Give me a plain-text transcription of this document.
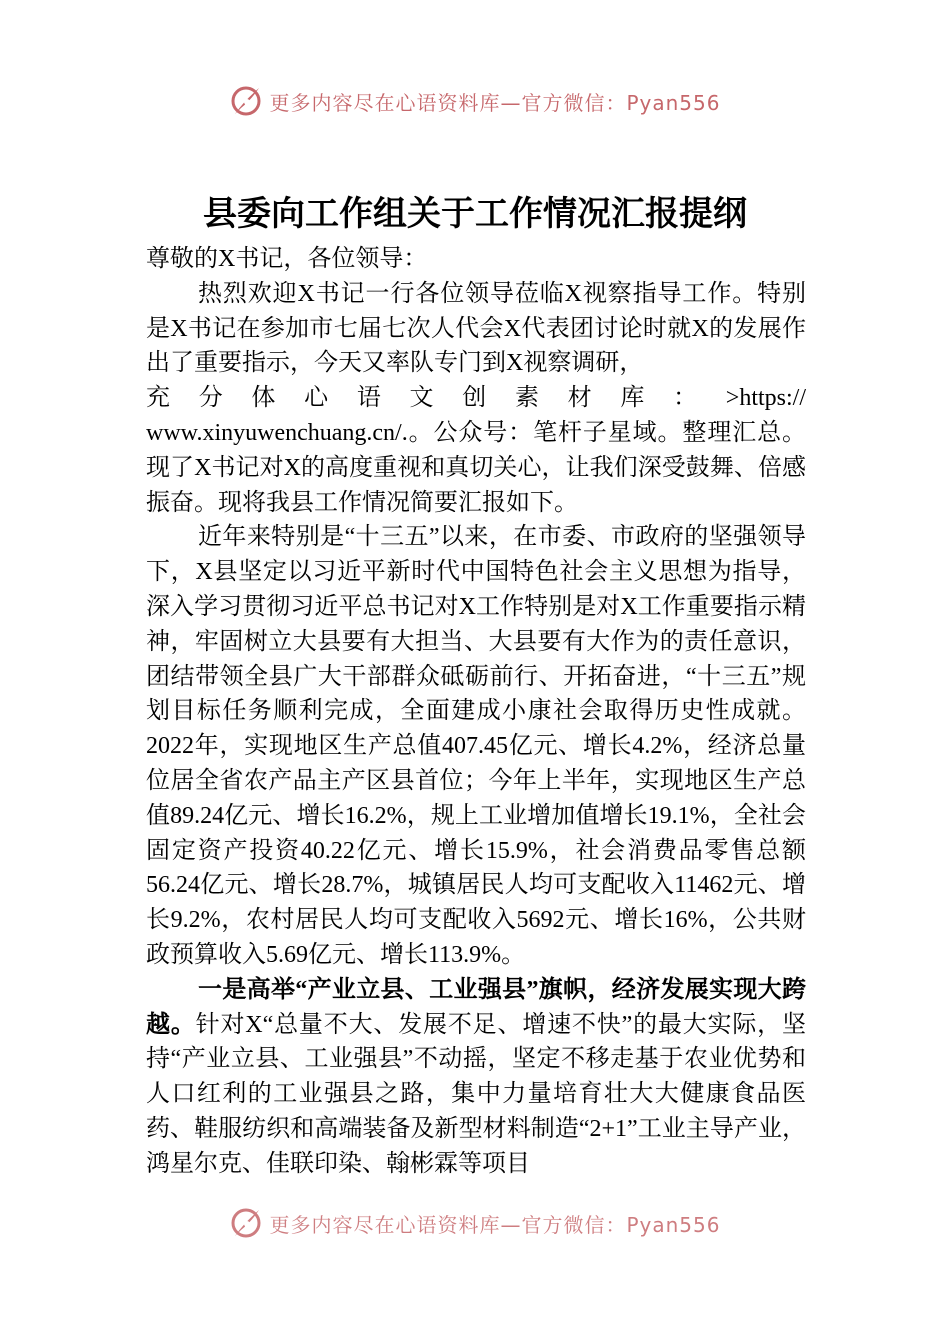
更多内容尽在心语资料库—官方微信：Pyan556
县委向工作组关于工作情况汇报提纲

尊敬的X书记，各位领导：

热烈欢迎X书记一行各位领导莅临X视察指导工作。特别是X书记在参加市七届七次人代会X代表团讨论时就X的发展作出了重要指示，今天又率队专门到X视察调研，

充分体心语文创素材库：>https://

www.xinyuwenchuang.cn/.。公众号：笔杆子星域。整理汇总。现了X书记对X的高度重视和真切关心，让我们深受鼓舞、倍感振奋。现将我县工作情况简要汇报如下。

近年来特别是“十三五”以来，在市委、市政府的坚强领导下，X县坚定以习近平新时代中国特色社会主义思想为指导，深入学习贯彻习近平总书记对X工作特别是对X工作重要指示精神，牢固树立大县要有大担当、大县要有大作为的责任意识，团结带领全县广大干部群众砥砺前行、开拓奋进，“十三五”规划目标任务顺利完成，全面建成小康社会取得历史性成就。2022年，实现地区生产总值407.45亿元、增长4.2%，经济总量位居全省农产品主产区县首位；今年上半年，实现地区生产总值89.24亿元、增长16.2%，规上工业增加值增长19.1%，全社会固定资产投资40.22亿元、增长15.9%，社会消费品零售总额56.24亿元、增长28.7%，城镇居民人均可支配收入11462元、增长9.2%，农村居民人均可支配收入5692元、增长16%，公共财政预算收入5.69亿元、增长113.9%。

一是高举“产业立县、工业强县”旗帜，经济发展实现大跨越。针对X“总量不大、发展不足、增速不快”的最大实际，坚持“产业立县、工业强县”不动摇，坚定不移走基于农业优势和人口红利的工业强县之路，集中力量培育壮大大健康食品医药、鞋服纺织和高端装备及新型材料制造“2+1”工业主导产业，鸿星尔克、佳联印染、翰彬霖等项目

更多内容尽在心语资料库—官方微信：Pyan556
